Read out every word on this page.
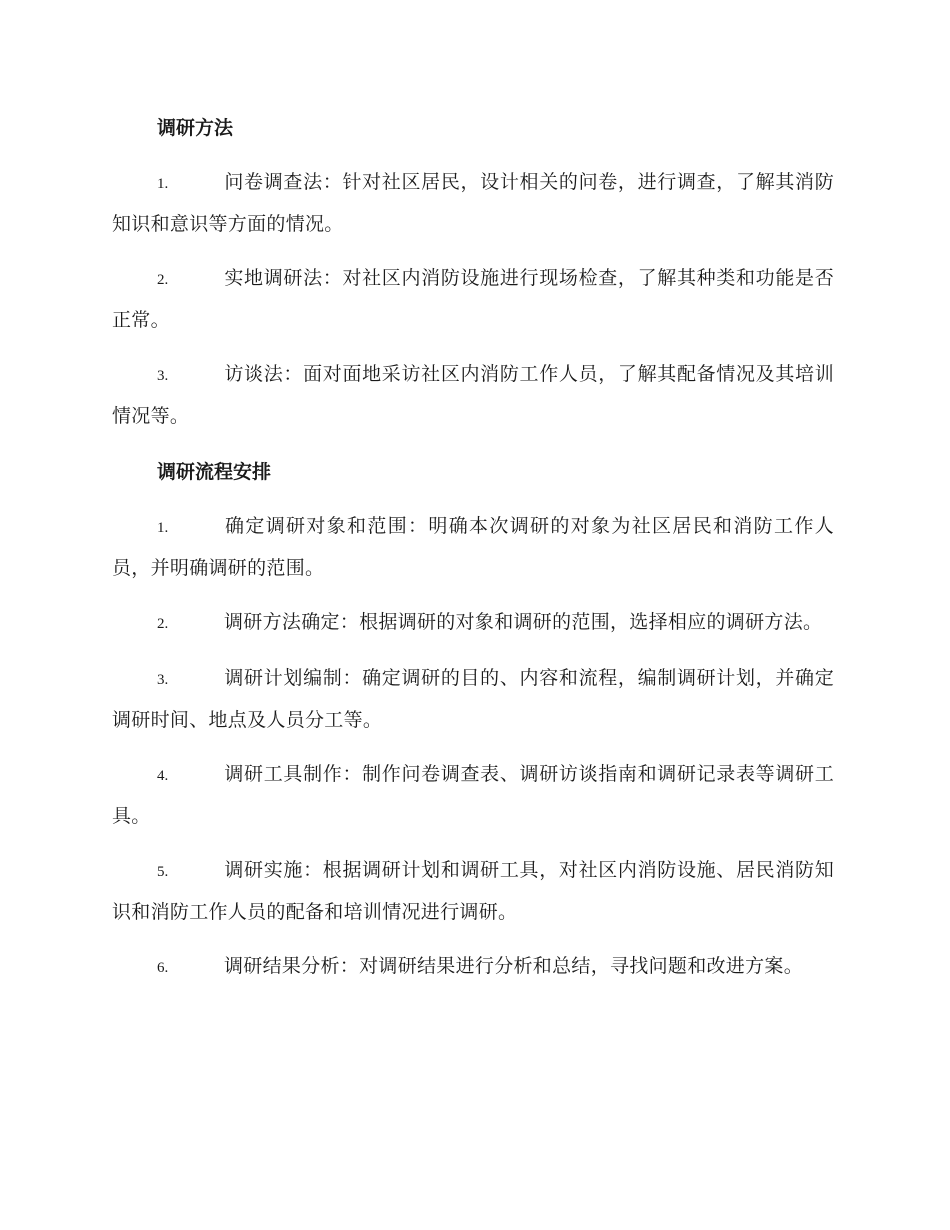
调研方法

1.	问卷调查法：针对社区居民，设计相关的问卷，进行调查，了解其消防知识和意识等方面的情况。

2.	实地调研法：对社区内消防设施进行现场检查，了解其种类和功能是否正常。

3.	访谈法：面对面地采访社区内消防工作人员，了解其配备情况及其培训情况等。

调研流程安排

1.	确定调研对象和范围：明确本次调研的对象为社区居民和消防工作人员，并明确调研的范围。

2.	调研方法确定：根据调研的对象和调研的范围，选择相应的调研方法。

3.	调研计划编制：确定调研的目的、内容和流程，编制调研计划，并确定调研时间、地点及人员分工等。

4.	调研工具制作：制作问卷调查表、调研访谈指南和调研记录表等调研工具。

5.	调研实施：根据调研计划和调研工具，对社区内消防设施、居民消防知识和消防工作人员的配备和培训情况进行调研。

6.	调研结果分析：对调研结果进行分析和总结，寻找问题和改进方案。
